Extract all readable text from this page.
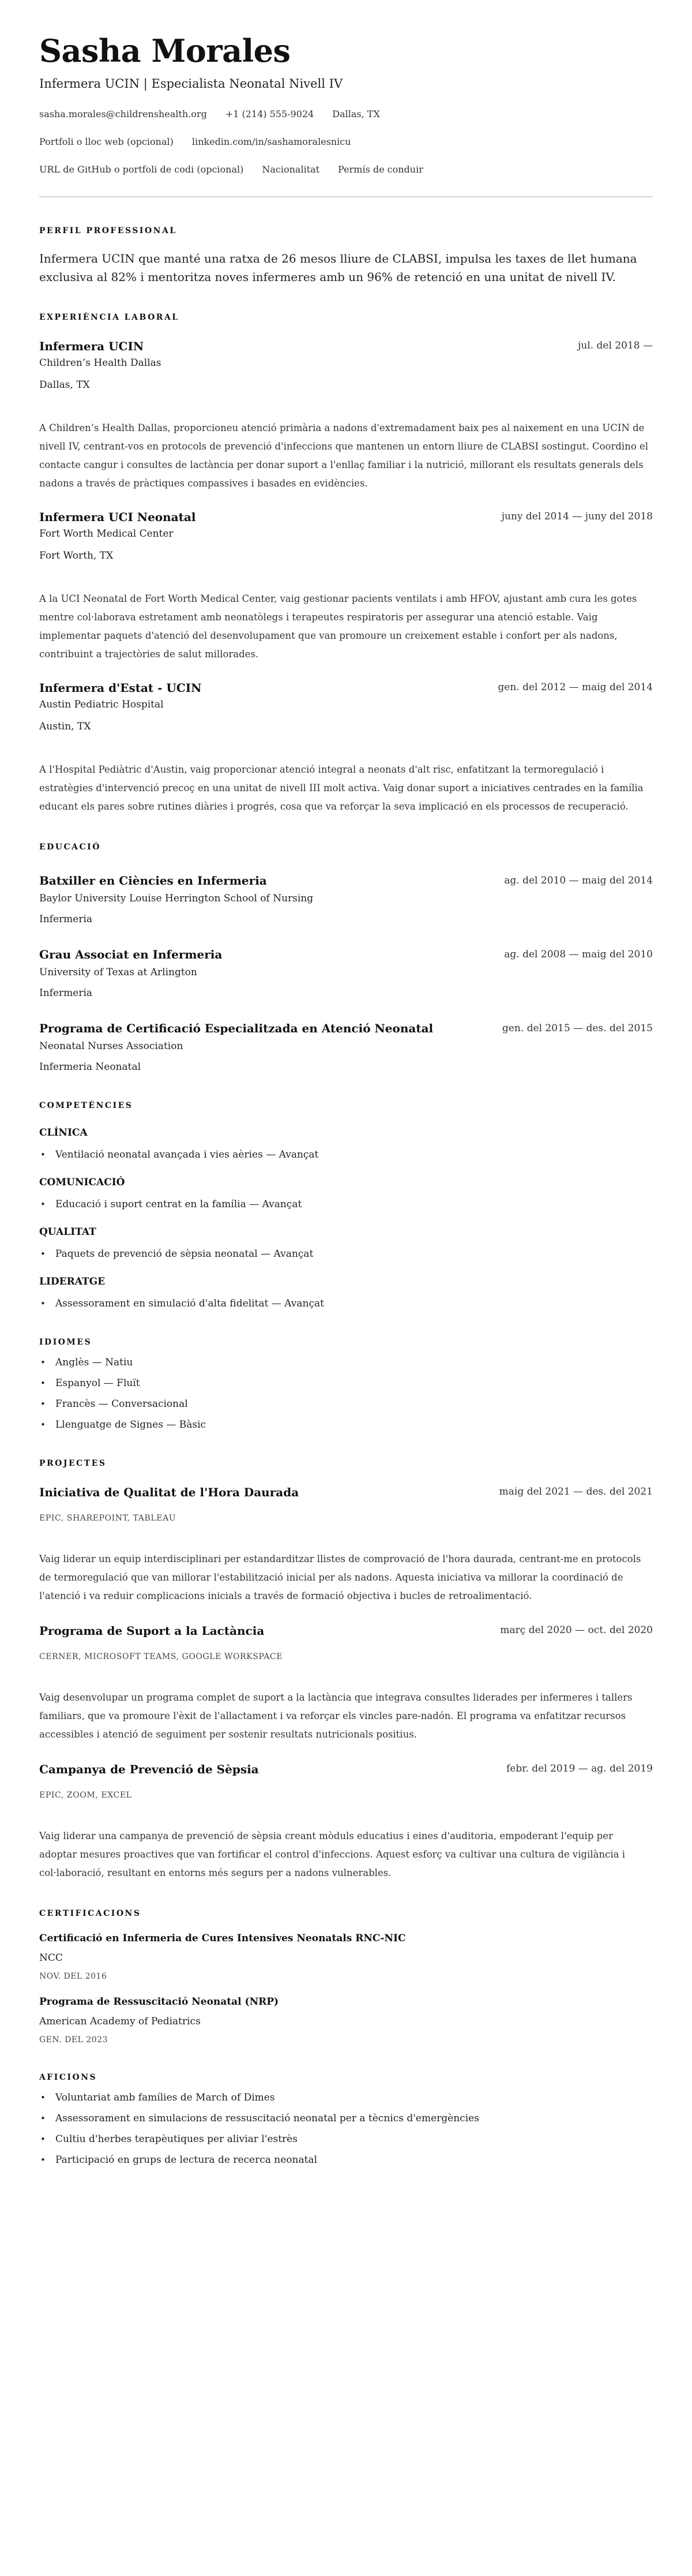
Sasha Morales
Infermera UCIN | Especialista Neonatal Nivell IV
sasha.morales@childrenshealth.org +1 (214) 555-9024 Dallas, TX
Portfoli o lloc web (opcional) linkedin.com/in/sashamoralesnicu
URL de GitHub o portfoli de codi (opcional) Nacionalitat Permís de conduir
PERFIL PROFESSIONAL

Infermera UCIN que manté una ratxa de 26 mesos lliure de CLABSI, impulsa les taxes de llet humana exclusiva al 82% i mentoritza noves infermeres amb un 96% de retenció en una unitat de nivell IV.

EXPERIÈNCIA LABORAL
Infermera UCIN	jul. del 2018 —
Children’s Health Dallas
Dallas, TX

A Children’s Health Dallas, proporcioneu atenció primària a nadons d'extremadament baix pes al naixement en una UCIN de nivell IV, centrant-vos en protocols de prevenció d'infeccions que mantenen un entorn lliure de CLABSI sostingut. Coordino el contacte cangur i consultes de lactància per donar suport a l'enllaç familiar i la nutrició, millorant els resultats generals dels nadons a través de pràctiques compassives i basades en evidències.

Infermera UCI Neonatal	juny del 2014 — juny del 2018
Fort Worth Medical Center
Fort Worth, TX

A la UCI Neonatal de Fort Worth Medical Center, vaig gestionar pacients ventilats i amb HFOV, ajustant amb cura les gotes mentre col·laborava estretament amb neonatòlegs i terapeutes respiratoris per assegurar una atenció estable. Vaig implementar paquets d'atenció del desenvolupament que van promoure un creixement estable i confort per als nadons, contribuint a trajectòries de salut millorades.

Infermera d'Estat - UCIN	gen. del 2012 — maig del 2014
Austin Pediatric Hospital
Austin, TX

A l'Hospital Pediàtric d'Austin, vaig proporcionar atenció integral a neonats d'alt risc, enfatitzant la termoregulació i estratègies d'intervenció precoç en una unitat de nivell III molt activa. Vaig donar suport a iniciatives centrades en la família educant els pares sobre rutines diàries i progrés, cosa que va reforçar la seva implicació en els processos de recuperació.

EDUCACIÓ
Batxiller en Ciències en Infermeria	ag. del 2010 — maig del 2014
Baylor University Louise Herrington School of Nursing
Infermeria
Grau Associat en Infermeria	ag. del 2008 — maig del 2010
University of Texas at Arlington
Infermeria
Programa de Certificació Especialitzada en Atenció Neonatal	gen. del 2015 — des. del 2015
Neonatal Nurses Association
Infermeria Neonatal
COMPETÈNCIES
CLÍNICA
• Ventilació neonatal avançada i vies aèries — Avançat
COMUNICACIÓ
• Educació i suport centrat en la família — Avançat
QUALITAT
• Paquets de prevenció de sèpsia neonatal — Avançat
LIDERATGE
• Assessorament en simulació d'alta fidelitat — Avançat
IDIOMES
• Anglès — Natiu
• Espanyol — Fluït
• Francès — Conversacional
• Llenguatge de Signes — Bàsic
PROJECTES
Iniciativa de Qualitat de l'Hora Daurada	maig del 2021 — des. del 2021
EPIC, SHAREPOINT, TABLEAU

Vaig liderar un equip interdisciplinari per estandarditzar llistes de comprovació de l'hora daurada, centrant-me en protocols de termoregulació que van millorar l'estabilització inicial per als nadons. Aquesta iniciativa va millorar la coordinació de l'atenció i va reduir complicacions inicials a través de formació objectiva i bucles de retroalimentació.

Programa de Suport a la Lactància	març del 2020 — oct. del 2020
CERNER, MICROSOFT TEAMS, GOOGLE WORKSPACE

Vaig desenvolupar un programa complet de suport a la lactància que integrava consultes liderades per infermeres i tallers familiars, que va promoure l'èxit de l'allactament i va reforçar els vincles pare-nadón. El programa va enfatitzar recursos accessibles i atenció de seguiment per sostenir resultats nutricionals positius.

Campanya de Prevenció de Sèpsia	febr. del 2019 — ag. del 2019
EPIC, ZOOM, EXCEL

Vaig liderar una campanya de prevenció de sèpsia creant mòduls educatius i eines d'auditoria, empoderant l'equip per adoptar mesures proactives que van fortificar el control d'infeccions. Aquest esforç va cultivar una cultura de vigilància i col·laboració, resultant en entorns més segurs per a nadons vulnerables.

CERTIFICACIONS
Certificació en Infermeria de Cures Intensives Neonatals RNC-NIC
NCC
NOV. DEL 2016
Programa de Ressuscitació Neonatal (NRP)
American Academy of Pediatrics
GEN. DEL 2023
AFICIONS
• Voluntariat amb famílies de March of Dimes
• Assessorament en simulacions de ressuscitació neonatal per a tècnics d'emergències
• Cultiu d'herbes terapèutiques per aliviar l'estrès
• Participació en grups de lectura de recerca neonatal
